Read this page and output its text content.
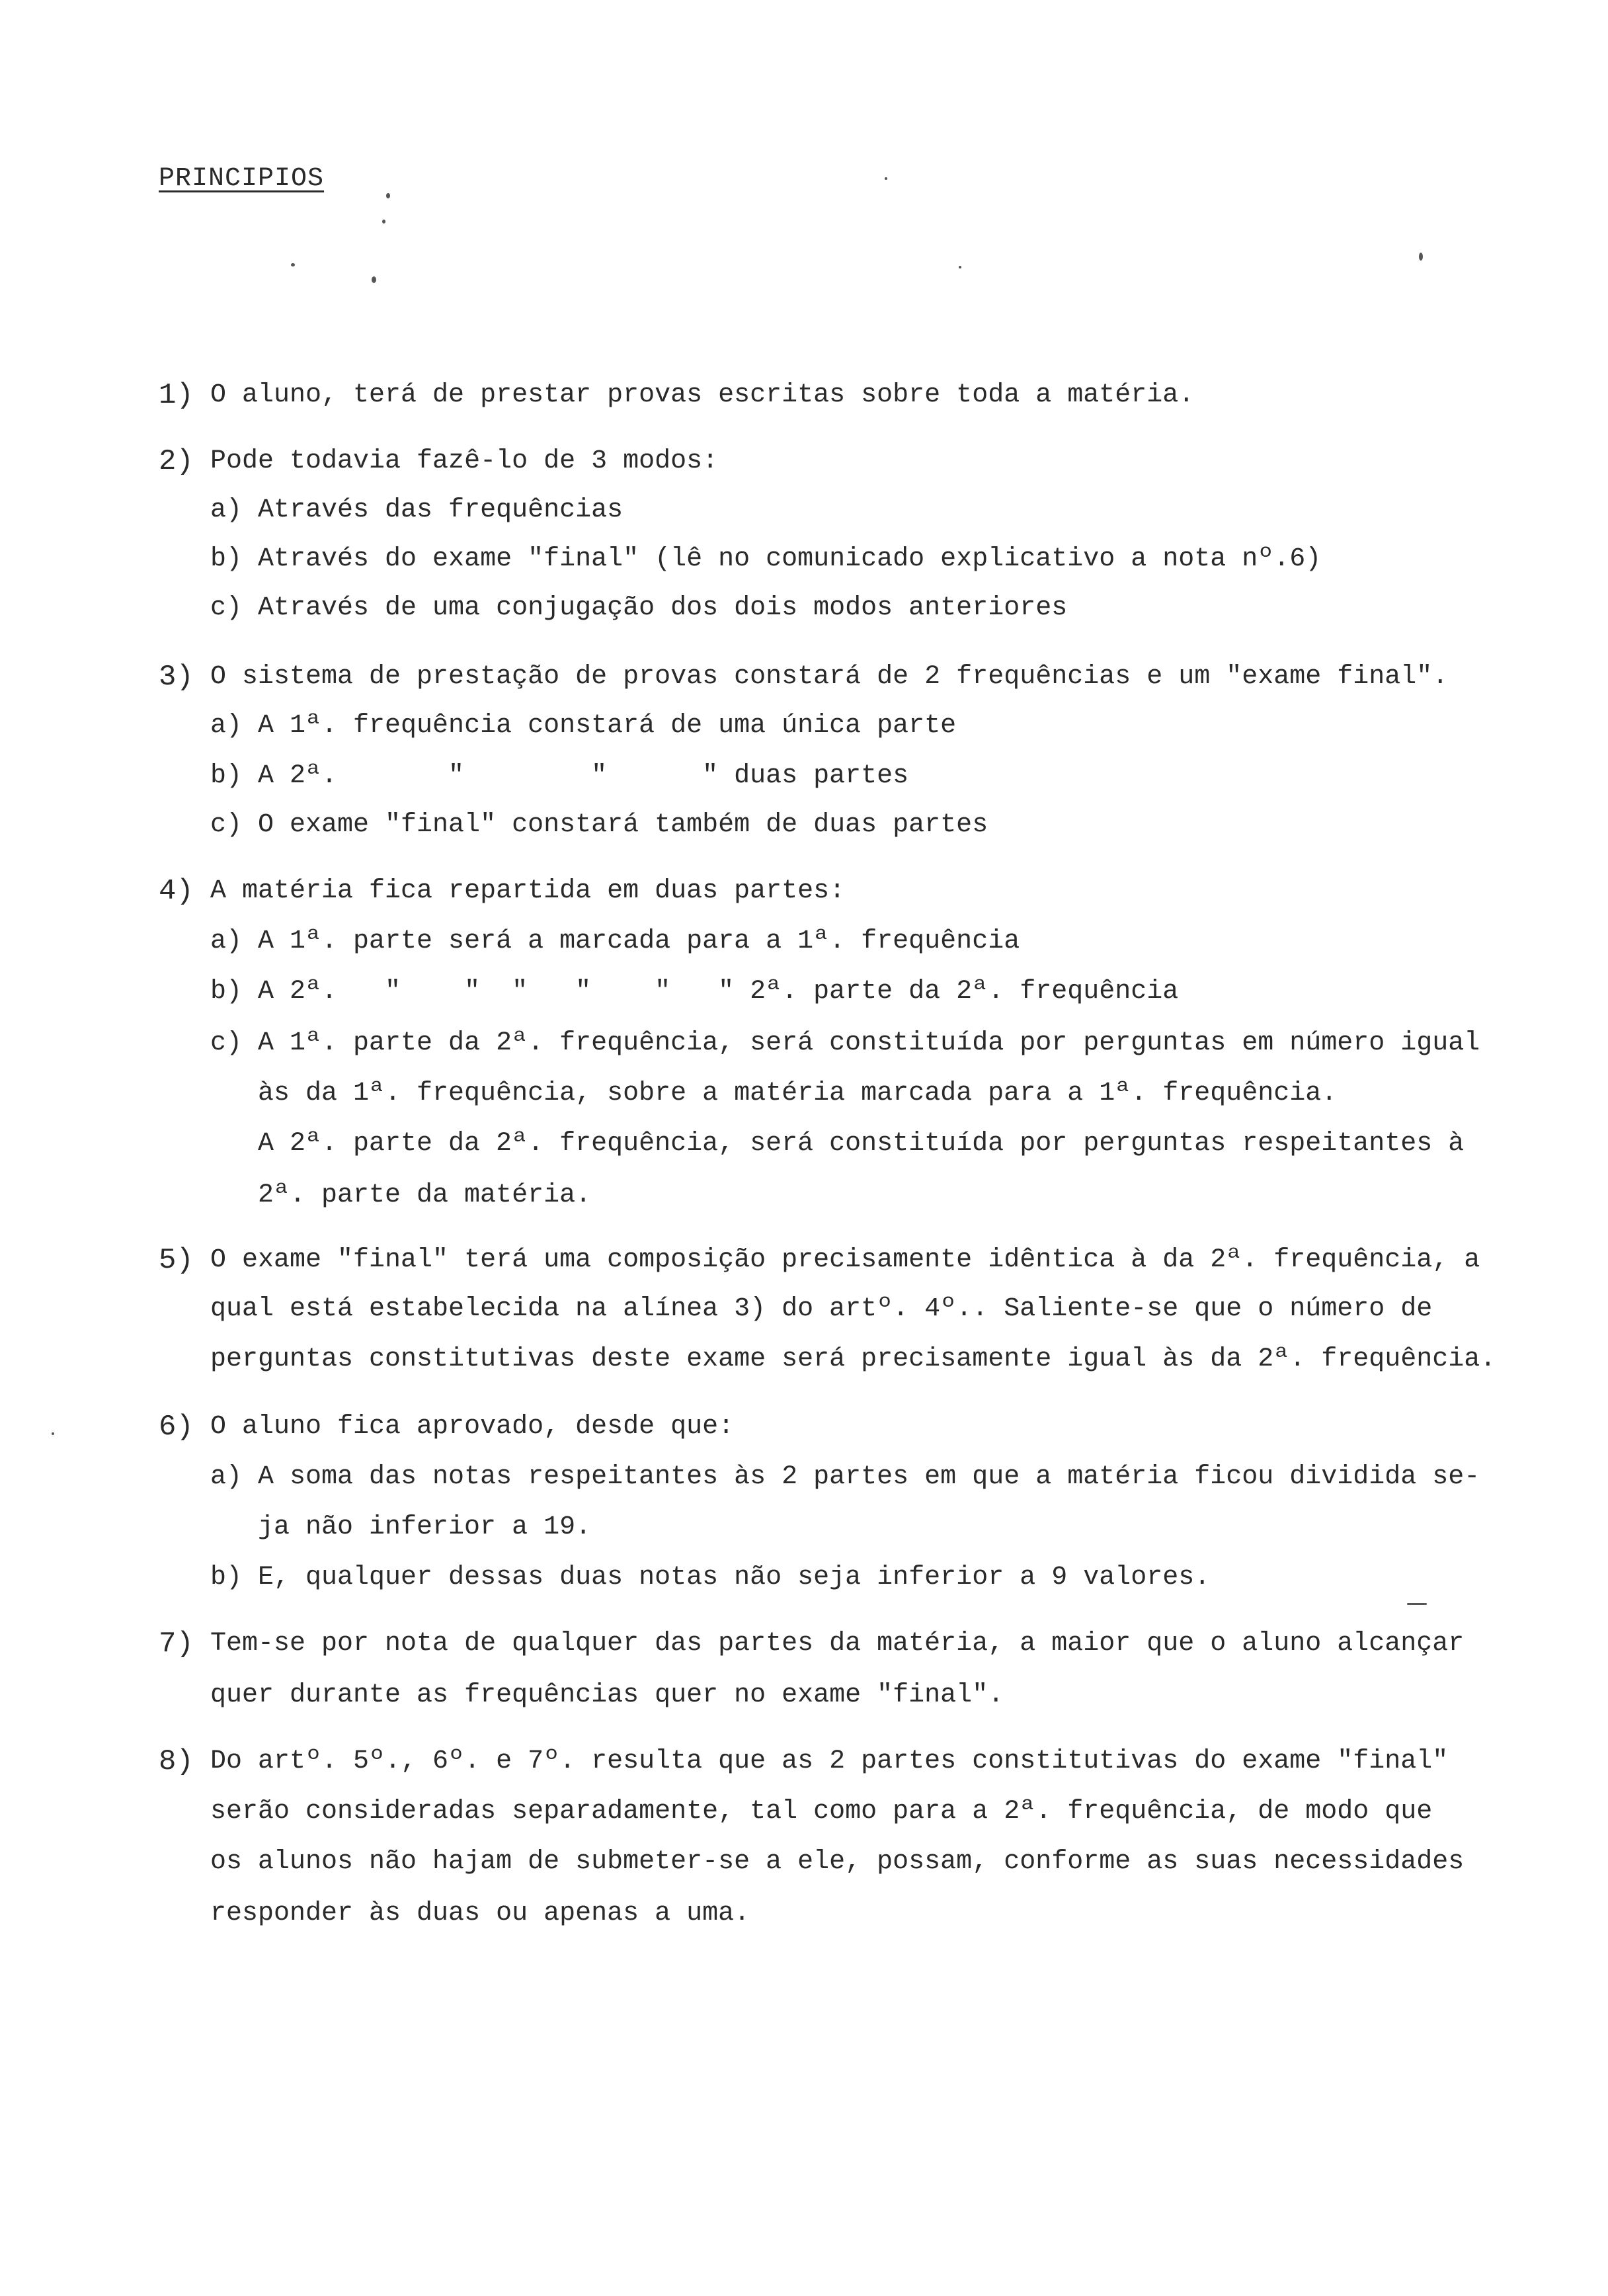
PRINCIPIOS
1) O aluno, terá de prestar provas escritas sobre toda a matéria.
2) Pode todavia fazê-lo de 3 modos:
a) Através das frequências
b) Através do exame "final" (lê no comunicado explicativo a nota nº.6)
c) Através de uma conjugação dos dois modos anteriores
3) O sistema de prestação de provas constará de 2 frequências e um "exame final".
a) A 1ª. frequência constará de uma única parte
b) A 2ª.       "        "      " duas partes
c) O exame "final" constará também de duas partes
4) A matéria fica repartida em duas partes:
a) A 1ª. parte será a marcada para a 1ª. frequência
b) A 2ª.   "    "  "   "    "   " 2ª. parte da 2ª. frequência
c) A 1ª. parte da 2ª. frequência, será constituída por perguntas em número igual
às da 1ª. frequência, sobre a matéria marcada para a 1ª. frequência.
A 2ª. parte da 2ª. frequência, será constituída por perguntas respeitantes à
2ª. parte da matéria.
5) O exame "final" terá uma composição precisamente idêntica à da 2ª. frequência, a
qual está estabelecida na alínea 3) do artº. 4º.. Saliente-se que o número de
perguntas constitutivas deste exame será precisamente igual às da 2ª. frequência.
6) O aluno fica aprovado, desde que:
a) A soma das notas respeitantes às 2 partes em que a matéria ficou dividida se-
ja não inferior a 19.
b) E, qualquer dessas duas notas não seja inferior a 9 valores.
7) Tem-se por nota de qualquer das partes da matéria, a maior que o aluno alcançar
quer durante as frequências quer no exame "final".
8) Do artº. 5º., 6º. e 7º. resulta que as 2 partes constitutivas do exame "final"
serão consideradas separadamente, tal como para a 2ª. frequência, de modo que
os alunos não hajam de submeter-se a ele, possam, conforme as suas necessidades
responder às duas ou apenas a uma.
